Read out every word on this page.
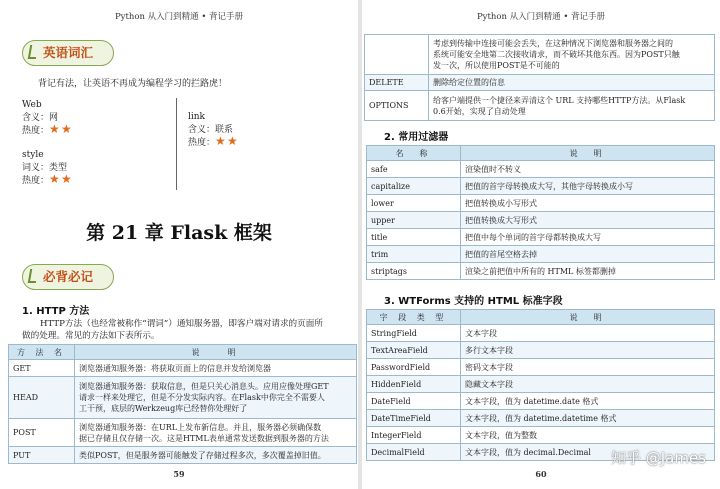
Python 从入门到精通 • 背记手册
英语词汇
背记有法，让英语不再成为编程学习的拦路虎！
Web
含义：网
热度： ★★
style
词义：类型
热度： ★★
link
含义：联系
热度： ★★
第 21 章 Flask 框架
必背必记
1. HTTP 方法
HTTP方法（也经常被称作“谓词”）通知服务器，即客户端对请求的页面所
做的处理。常见的方法如下表所示。
方 法 名	说　　明
GET	浏览器通知服务器：将获取页面上的信息并发给浏览器

HEAD	浏览器通知服务器：获取信息，但是只关心消息头。应用应像处理GET
请求一样来处理它，但是不分发实际内容。在Flask中你完全不需要人
工干预，底层的Werkzeug库已经替你处理好了

POST	浏览器通知服务器：在URL上发布新信息。并且，服务器必须确保数
据已存储且仅存储一次。这是HTML表单通常发送数据到服务器的方法

PUT	类似POST，但是服务器可能触发了存储过程多次，多次覆盖掉旧值。
59
Python 从入门到精通 • 背记手册

	考虑到传输中连接可能会丢失，在这种情况下浏览器和服务器之间的
系统可能安全地第二次接收请求，而不破坏其他东西。因为POST只触
发一次，所以使用POST是不可能的

DELETE	删除给定位置的信息

OPTIONS	给客户端提供一个捷径来弄清这个 URL 支持哪些HTTP方法。从Flask
0.6开始，实现了自动处理
2. 常用过滤器
名　称	说　明
safe	渲染值时不转义
capitalize	把值的首字母转换成大写，其他字母转换成小写
lower	把值转换成小写形式
upper	把值转换成大写形式
title	把值中每个单词的首字母都转换成大写
trim	把值的首尾空格去掉
striptags	渲染之前把值中所有的 HTML 标签都删掉
3. WTForms 支持的 HTML 标准字段
字 段 类 型	说　明
StringField	文本字段
TextAreaField	多行文本字段
PasswordField	密码文本字段
HiddenField	隐藏文本字段
DateField	文本字段，值为 datetime.date 格式
DateTimeField	文本字段，值为 datetime.datetime 格式
IntegerField	文本字段，值为整数
DecimalField	文本字段，值为 decimal.Decimal
60
知乎 @James
